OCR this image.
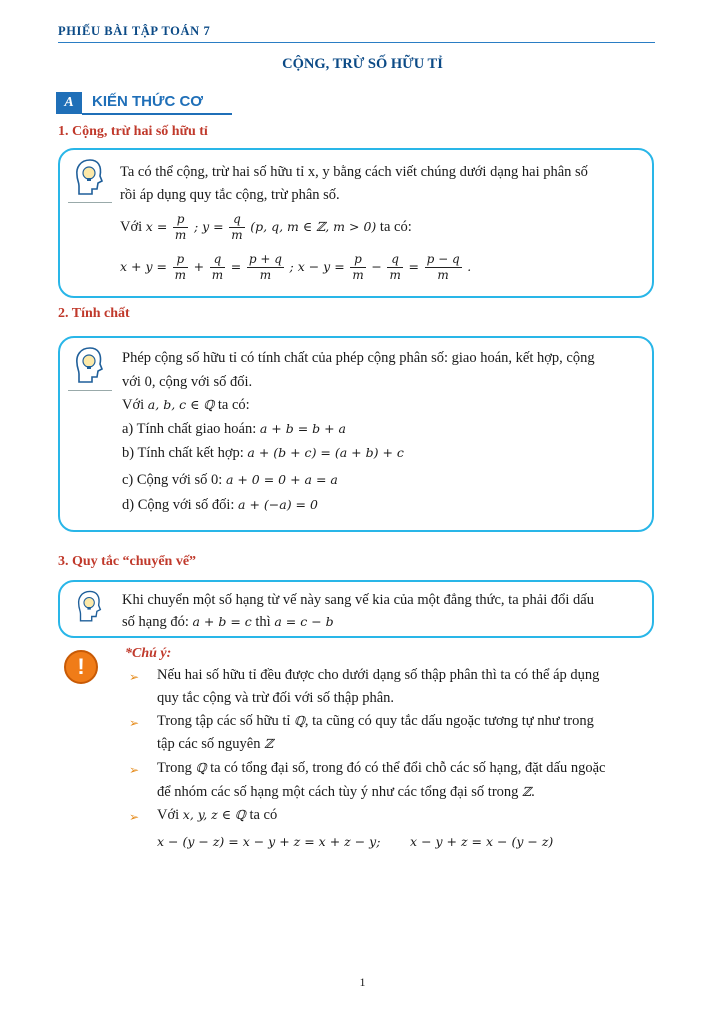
PHIẾU BÀI TẬP TOÁN 7
CỘNG, TRỪ SỐ HỮU TỈ
A	KIẾN THỨC CƠ
1. Cộng, trừ hai số hữu tỉ
Ta có thể cộng, trừ hai số hữu tỉ x, y bằng cách viết chúng dưới dạng hai phân số
rồi áp dụng quy tắc cộng, trừ phân số.
Với $x = \frac{p}{m}$ ; $y = \frac{q}{m} (p$, q, m ∈ ℤ, m > 0) ta có:
$x + y = \frac{p}{m} + \frac{q}{m} = \frac{p + q}{m}$ ; $x - y = \frac{p}{m} - \frac{q}{m} = \frac{p - q}{m}$ .
2. Tính chất
Phép cộng số hữu tỉ có tính chất của phép cộng phân số: giao hoán, kết hợp, cộng
với 0, cộng với số đối.
Với a, b, c ∈ ℚ ta có:
a) Tính chất giao hoán: a + b = b + a
b) Tính chất kết hợp: a + (b + c) = (a + b) + c
c) Cộng với số 0: a + 0 = 0 + a = a
d) Cộng với số đối: a + (−a) = 0
3. Quy tắc “chuyển vế”
Khi chuyển một số hạng từ vế này sang vế kia của một đẳng thức, ta phải đổi dấu
số hạng đó: a + b = c thì a = c − b
!
*Chú ý:
➢ Nếu hai số hữu tỉ đều được cho dưới dạng số thập phân thì ta có thể áp dụng
quy tắc cộng và trừ đối với số thập phân.
➢ Trong tập các số hữu tỉ ℚ, ta cũng có quy tắc dấu ngoặc tương tự như trong
tập các số nguyên ℤ
➢ Trong ℚ ta có tổng đại số, trong đó có thể đổi chỗ các số hạng, đặt dấu ngoặc
để nhóm các số hạng một cách tùy ý như các tổng đại số trong ℤ.
➢ Với x, y, z ∈ ℚ ta có
x − (y − z) = x − y + z = x + z − y; x − y + z = x − (y − z)
1
